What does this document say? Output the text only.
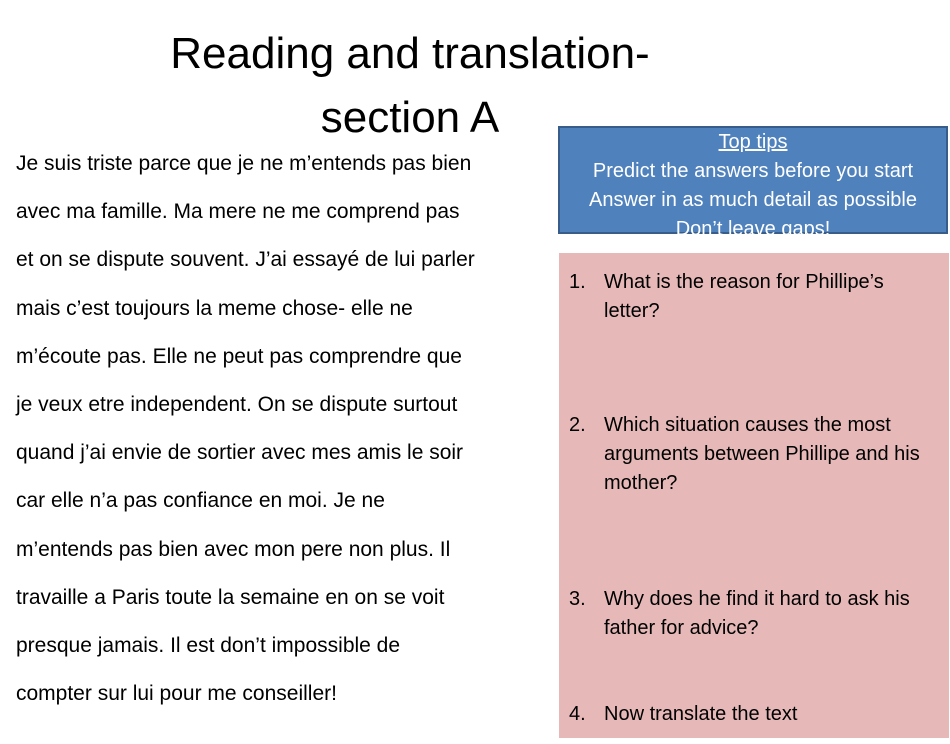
Reading and translation-
section A
Je suis triste parce que je ne m’entends pas bien
avec ma famille. Ma mere ne me comprend pas
et on se dispute souvent. J’ai essayé de lui parler
mais c’est toujours la meme chose- elle ne
m’écoute pas. Elle ne peut pas comprendre que
je veux etre independent. On se dispute surtout
quand j’ai envie de sortier avec mes amis le soir
car elle n’a pas confiance en moi. Je ne
m’entends pas bien avec mon pere non plus. Il
travaille a Paris toute la semaine en on se voit
presque jamais. Il est don’t impossible de
compter sur lui pour me conseiller!
Top tips
Predict the answers before you start
Answer in as much detail as possible
Don’t leave gaps!
1. What is the reason for Phillipe’s letter?
2. Which situation causes the most arguments between Phillipe and his mother?
3. Why does he find it hard to ask his father for advice?
4. Now translate the text
